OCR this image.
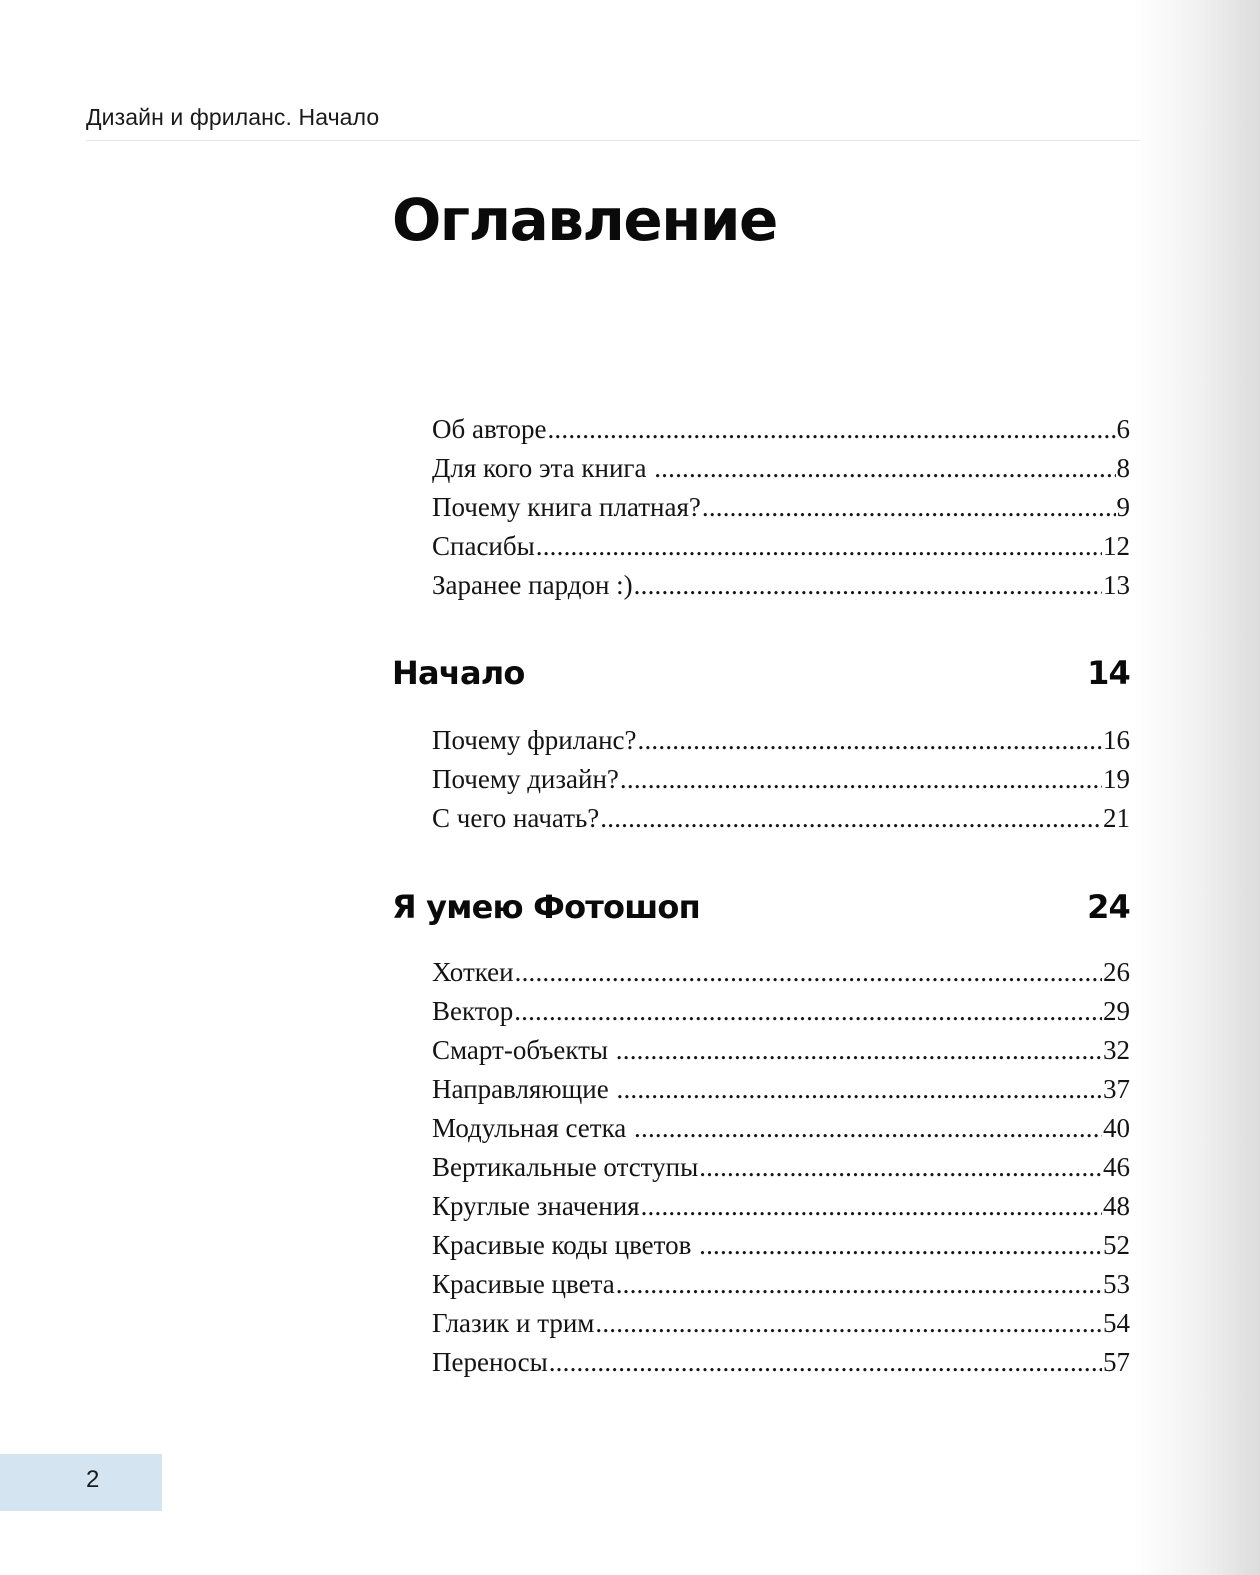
Дизайн и фриланс. Начало
Оглавление
Об авторе .....	6
Для кого эта книга .....	8
Почему книга платная? .....	9
Спасибы .....	12
Заранее пардон :) .....	13
Начало	14
Почему фриланс? .....	16
Почему дизайн? .....	19
С чего начать? .....	21
Я умею Фотошоп	24
Хоткеи .....	26
Вектор .....	29
Смарт-объекты .....	32
Направляющие .....	37
Модульная сетка .....	40
Вертикальные отступы .....	46
Круглые значения .....	48
Красивые коды цветов .....	52
Красивые цвета .....	53
Глазик и трим .....	54
Переносы .....	57
2
